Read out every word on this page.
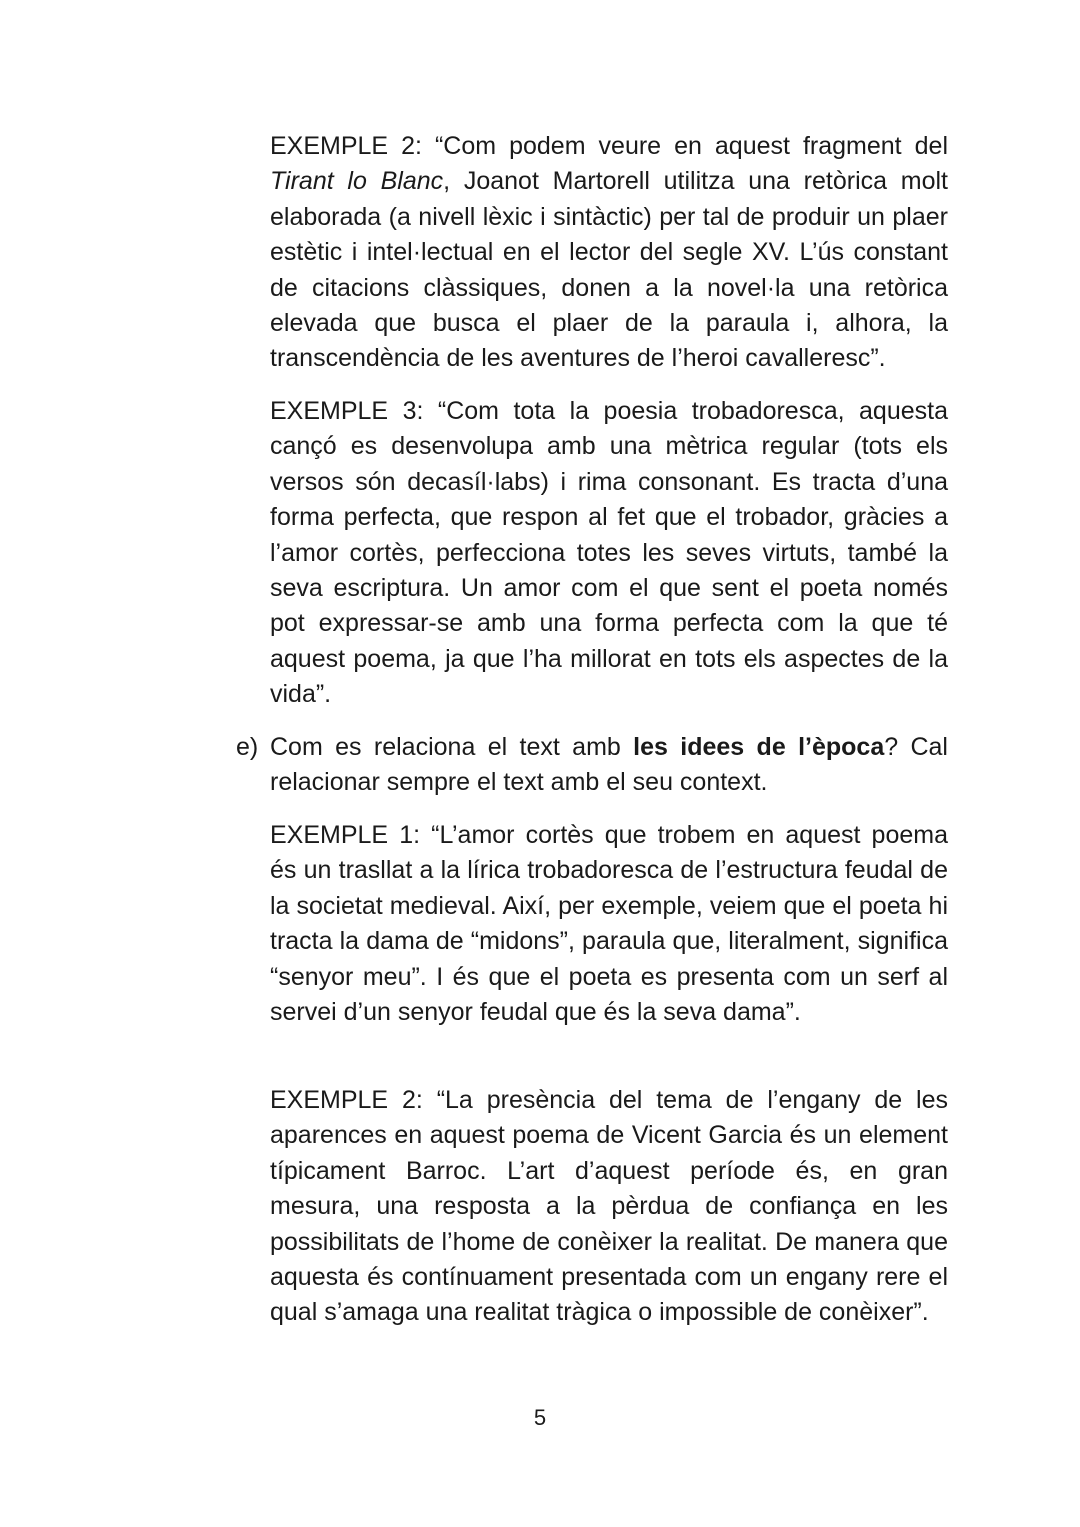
EXEMPLE 2: “Com podem veure en aquest fragment del Tirant lo Blanc, Joanot Martorell utilitza una retòrica molt elaborada (a nivell lèxic i sintàctic) per tal de produir un plaer estètic i intel·lectual en el lector del segle XV. L’ús constant de citacions clàssiques, donen a la novel·la una retòrica elevada que busca el plaer de la paraula i, alhora, la transcendència de les aventures de l’heroi cavalleresc”.

EXEMPLE 3: “Com tota la poesia trobadoresca, aquesta cançó es desenvolupa amb una mètrica regular (tots els versos són decasíl·labs) i rima consonant. Es tracta d’una forma perfecta, que respon al fet que el trobador, gràcies a l’amor cortès, perfecciona totes les seves virtuts, també la seva escriptura. Un amor com el que sent el poeta només pot expressar-se amb una forma perfecta com la que té aquest poema, ja que l’ha millorat en tots els aspectes de la vida”.

e) Com es relaciona el text amb les idees de l’època? Cal relacionar sempre el text amb el seu context.

EXEMPLE 1: “L’amor cortès que trobem en aquest poema és un trasllat a la lírica trobadoresca de l’estructura feudal de la societat medieval. Així, per exemple, veiem que el poeta hi tracta la dama de “midons”, paraula que, literalment, significa “senyor meu”. I és que el poeta es presenta com un serf al servei d’un senyor feudal que és la seva dama”.

EXEMPLE 2: “La presència del tema de l’engany de les aparences en aquest poema de Vicent Garcia és un element típicament Barroc. L’art d’aquest període és, en gran mesura, una resposta a la pèrdua de confiança en les possibilitats de l’home de conèixer la realitat. De manera que aquesta és contínuament presentada com un engany rere el qual s’amaga una realitat tràgica o impossible de conèixer”.

5
